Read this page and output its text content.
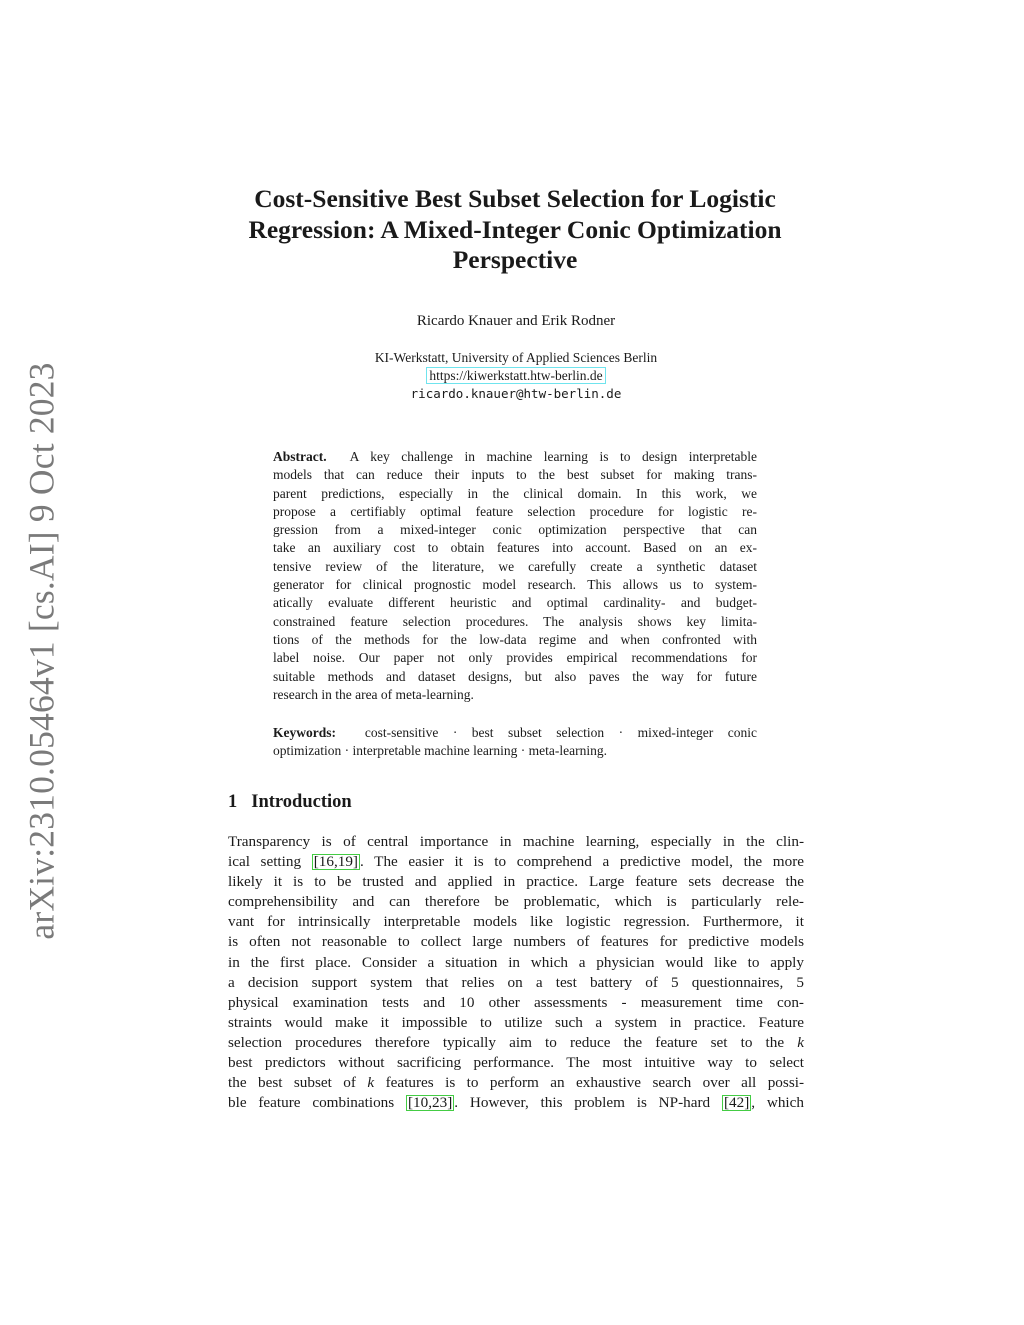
arXiv:2310.05464v1 [cs.AI] 9 Oct 2023
Cost-Sensitive Best Subset Selection for Logistic
Regression: A Mixed-Integer Conic Optimization
Perspective
Ricardo Knauer and Erik Rodner
KI-Werkstatt, University of Applied Sciences Berlin
https://kiwerkstatt.htw-berlin.de
ricardo.knauer@htw-berlin.de
Abstract. A key challenge in machine learning is to design interpretable
models that can reduce their inputs to the best subset for making trans-
parent predictions, especially in the clinical domain. In this work, we
propose a certifiably optimal feature selection procedure for logistic re-
gression from a mixed-integer conic optimization perspective that can
take an auxiliary cost to obtain features into account. Based on an ex-
tensive review of the literature, we carefully create a synthetic dataset
generator for clinical prognostic model research. This allows us to system-
atically evaluate different heuristic and optimal cardinality- and budget-
constrained feature selection procedures. The analysis shows key limita-
tions of the methods for the low-data regime and when confronted with
label noise. Our paper not only provides empirical recommendations for
suitable methods and dataset designs, but also paves the way for future
research in the area of meta-learning.
Keywords: cost-sensitive · best subset selection · mixed-integer conic
optimization · interpretable machine learning · meta-learning.
1 Introduction
Transparency is of central importance in machine learning, especially in the clin-
ical setting [16,19] . The easier it is to comprehend a predictive model, the more
likely it is to be trusted and applied in practice. Large feature sets decrease the
comprehensibility and can therefore be problematic, which is particularly rele-
vant for intrinsically interpretable models like logistic regression. Furthermore, it
is often not reasonable to collect large numbers of features for predictive models
in the first place. Consider a situation in which a physician would like to apply
a decision support system that relies on a test battery of 5 questionnaires, 5
physical examination tests and 10 other assessments - measurement time con-
straints would make it impossible to utilize such a system in practice. Feature
selection procedures therefore typically aim to reduce the feature set to the k
best predictors without sacrificing performance. The most intuitive way to select
the best subset of k features is to perform an exhaustive search over all possi-
ble feature combinations [10,23] . However, this problem is NP-hard [42] , which
